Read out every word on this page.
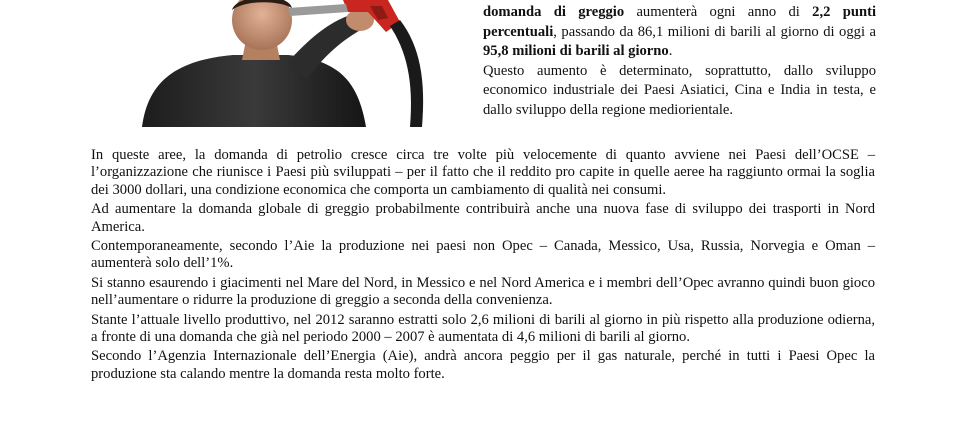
domanda di greggio aumenterà ogni anno di 2,2 punti percentuali, passando da 86,1 milioni di barili al giorno di oggi a 95,8 milioni di barili al giorno.

Questo aumento è determinato, soprattutto, dallo sviluppo economico industriale dei Paesi Asiatici, Cina e India in testa, e dallo sviluppo della regione mediorientale.

In queste aree, la domanda di petrolio cresce circa tre volte più velocemente di quanto avviene nei Paesi dell’OCSE – l’organizzazione che riunisce i Paesi più sviluppati – per il fatto che il reddito pro capite in quelle aeree ha raggiunto ormai la soglia dei 3000 dollari, una condizione economica che comporta un cambiamento di qualità nei consumi.

Ad aumentare la domanda globale di greggio probabilmente contribuirà anche una nuova fase di sviluppo dei trasporti in Nord America.

Contemporaneamente, secondo l’Aie la produzione nei paesi non Opec – Canada, Messico, Usa, Russia, Norvegia e Oman – aumenterà solo dell’1%.

Si stanno esaurendo i giacimenti nel Mare del Nord, in Messico e nel Nord America e i membri dell’Opec avranno quindi buon gioco nell’aumentare o ridurre la produzione di greggio a seconda della convenienza.

Stante l’attuale livello produttivo, nel 2012 saranno estratti solo 2,6 milioni di barili al giorno in più rispetto alla produzione odierna, a fronte di una domanda che già nel periodo 2000 – 2007 è aumentata di 4,6 milioni di barili al giorno.

Secondo l’Agenzia Internazionale dell’Energia (Aie), andrà ancora peggio per il gas naturale, perché in tutti i Paesi Opec la produzione sta calando mentre la domanda resta molto forte.
